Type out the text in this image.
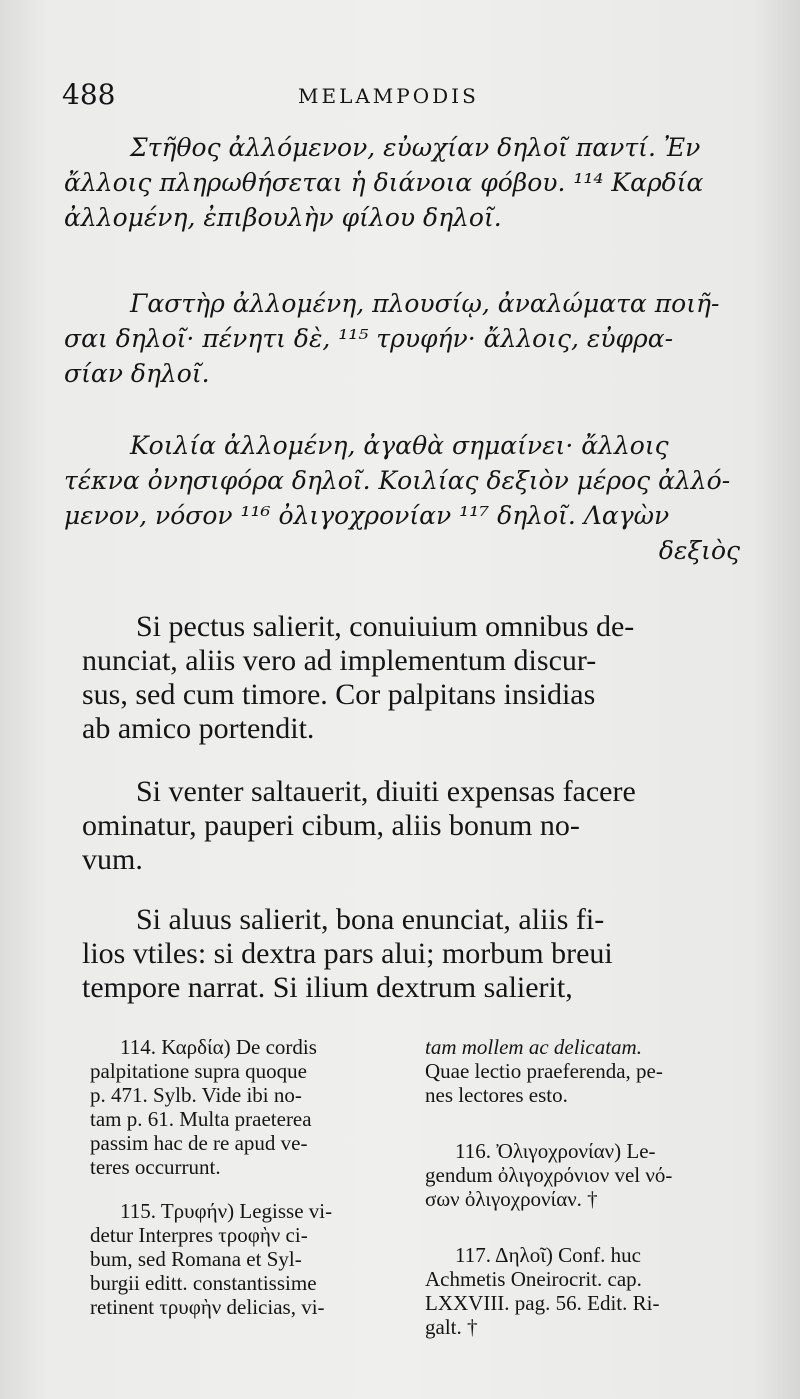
488	MELAMPODIS
Στῆθος ἀλλόμενον, εὐωχίαν δηλοῖ παντί. Ἐν
ἄλλοις πληρωθήσεται ἡ διάνοια φόβου. ¹¹⁴ Καρδία
ἀλλομένη, ἐπιβουλὴν φίλου δηλοῖ.
Γαστὴρ ἀλλομένη, πλουσίῳ, ἀναλώματα ποιῆ-
σαι δηλοῖ· πένητι δὲ, ¹¹⁵ τρυφήν· ἄλλοις, εὐφρα-
σίαν δηλοῖ.
Κοιλία ἀλλομένη, ἀγαθὰ σημαίνει· ἄλλοις
τέκνα ὀνησιφόρα δηλοῖ. Κοιλίας δεξιὸν μέρος ἀλλό-
μενον, νόσον ¹¹⁶ ὀλιγοχρονίαν ¹¹⁷ δηλοῖ. Λαγὼν
δεξιὸς
Si pectus salierit, conuiuium omnibus de-
nunciat, aliis vero ad implementum discur-
sus, sed cum timore. Cor palpitans insidias
ab amico portendit.
Si venter saltauerit, diuiti expensas facere
ominatur, pauperi cibum, aliis bonum no-
vum.
Si aluus salierit, bona enunciat, aliis fi-
lios vtiles: si dextra pars alui; morbum breui
tempore narrat. Si ilium dextrum salierit,
114. Καρδία) De cordis
palpitatione supra quoque
p. 471. Sylb. Vide ibi no-
tam p. 61. Multa praeterea
passim hac de re apud ve-
teres occurrunt.
115. Τρυφήν) Legisse vi-
detur Interpres τροφὴν ci-
bum, sed Romana et Syl-
burgii editt. constantissime
retinent τρυφὴν delicias, vi-
tam mollem ac delicatam.
Quae lectio praeferenda, pe-
nes lectores esto.
116. Ὀλιγοχρονίαν) Le-
gendum ὀλιγοχρόνιον vel νό-
σων ὀλιγοχρονίαν. †
117. Δηλοῖ) Conf. huc
Achmetis Oneirocrit. cap.
LXXVIII. pag. 56. Edit. Ri-
galt. †
